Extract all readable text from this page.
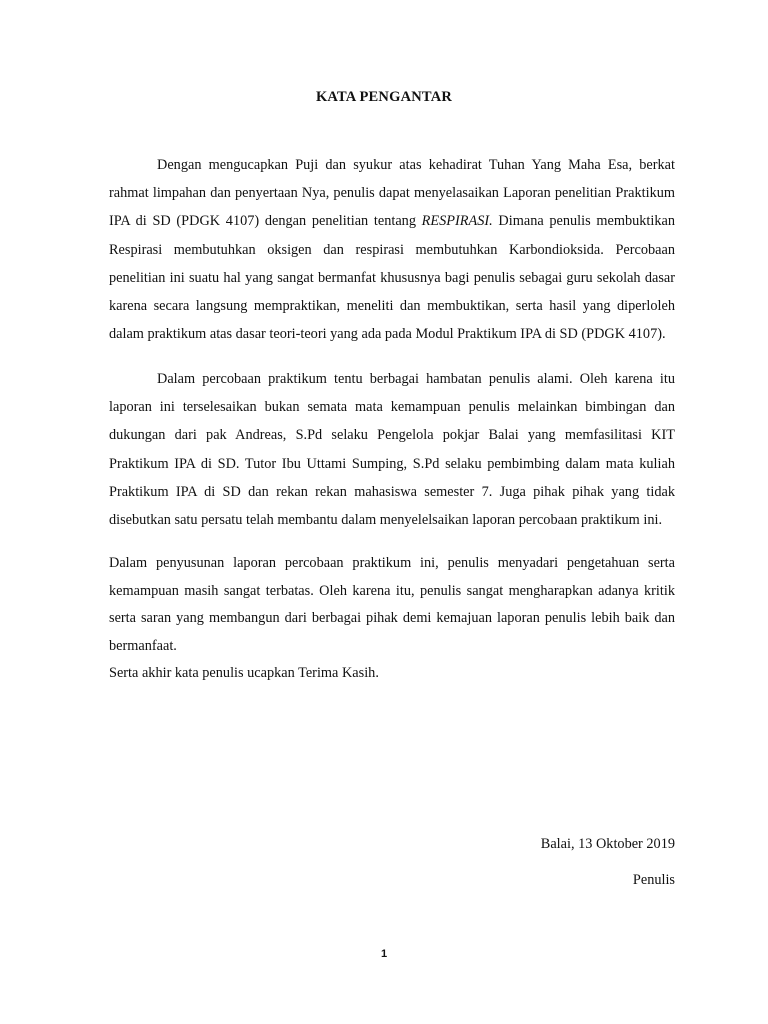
KATA PENGANTAR

Dengan mengucapkan Puji dan syukur atas kehadirat Tuhan Yang Maha Esa, berkat rahmat limpahan dan penyertaan Nya, penulis dapat menyelasaikan Laporan penelitian Praktikum IPA di SD (PDGK 4107) dengan penelitian tentang RESPIRASI. Dimana penulis membuktikan Respirasi membutuhkan oksigen dan respirasi membutuhkan Karbondioksida. Percobaan penelitian ini suatu hal yang sangat bermanfat khususnya bagi penulis sebagai guru sekolah dasar karena secara langsung mempraktikan, meneliti dan membuktikan, serta hasil yang diperloleh dalam praktikum atas dasar teori-teori yang ada pada Modul Praktikum IPA di SD (PDGK 4107).

Dalam percobaan praktikum tentu berbagai hambatan penulis alami. Oleh karena itu laporan ini terselesaikan bukan semata mata kemampuan penulis melainkan bimbingan dan dukungan dari pak Andreas, S.Pd selaku Pengelola pokjar Balai yang memfasilitasi KIT Praktikum IPA di SD. Tutor Ibu Uttami Sumping, S.Pd selaku pembimbing dalam mata kuliah Praktikum IPA di SD dan rekan rekan mahasiswa semester 7. Juga pihak pihak yang tidak disebutkan satu persatu telah membantu dalam menyelelsaikan laporan percobaan praktikum ini.

Dalam penyusunan laporan percobaan praktikum ini, penulis menyadari pengetahuan serta kemampuan masih sangat terbatas. Oleh karena itu, penulis sangat mengharapkan adanya kritik serta saran yang membangun dari berbagai pihak demi kemajuan laporan penulis lebih baik dan bermanfaat.

Serta akhir kata penulis ucapkan Terima Kasih.

Balai, 13 Oktober 2019
Penulis
1
